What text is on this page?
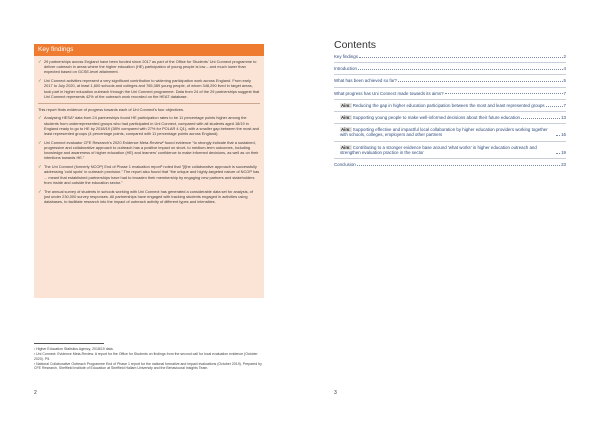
Key findings
✓ 29 partnerships across England have been funded since 2017 as part of the Office for Students' Uni Connect programme to deliver outreach in areas where the higher education (HE) participation of young people is low – and much lower than expected based on GCSE-level attainment.
✓ Uni Connect activities represent a very significant contribution to widening participation work across England. From early 2017 to July 2020, at least 1,600 schools and colleges and 765,389 young people, of whom 348,290 lived in target areas, took part in higher education outreach through the Uni Connect programme. Data from 24 of the 29 partnerships suggest that Uni Connect represents 42% of the outreach work recorded on the HEAT database.
This report finds evidence of progress towards each of Uni Connect's four objectives.
✓ Analysing HESA¹ data from 24 partnerships found HE participation rates to be 11 percentage points higher among the students from underrepresented groups who had participated in Uni Connect, compared with all students aged 18/19 in England ready to go to HE by 2018/19 (38% compared with 27% for POLAR 4 Q1), with a smaller gap between the most and least represented groups (4 percentage points, compared with 11 percentage points across England).
✓ Uni Connect evaluator CFE Research's 2020 Evidence Meta-Review² found evidence "to strongly indicate that a sustained, progressive and collaborative approach to outreach has a positive impact on short- to medium-term outcomes, including knowledge and awareness of higher education (HE) and learners' confidence to make informed decisions, as well as on their intentions towards HE."
✓ The Uni Connect (formerly NCOP) End of Phase 1 evaluation report³ noted that "[t]he collaborative approach is successfully addressing 'cold spots' in outreach provision." The report also found that "the unique and highly-targeted nature of NCOP has ... meant that established partnerships have had to broaden their membership by engaging new partners and stakeholders from inside and outside the education sector."
✓ The annual survey of students in schools working with Uni Connect has generated a considerable data set for analysis, of just under 230,000 survey responses. All partnerships have engaged with tracking students engaged in activities using databases, to facilitate research into the impact of outreach activity of different types and intensities.
¹ Higher Education Statistics Agency, 2018/19 data.
² Uni Connect: Evidence Meta-Review. A report for the Office for Students on findings from the second call for local evaluation evidence (October 2020). P5.
³ National Collaborative Outreach Programme End of Phase 1 report for the national formative and impact evaluations (October 2019). Prepared by CFE Research, Sheffield Institute of Education at Sheffield Hallam University and the Behavioural Insights Team.
2
Contents
Key findings	2
Introduction	4
What has been achieved so far?	5
What progress has Uni Connect made towards its aims?	7
Aim: Reducing the gap in higher education participation between the most and least represented groups	7
Aim: Supporting young people to make well-informed decisions about their future education	13
Aim: Supporting effective and impactful local collaboration by higher education providers working together with schools, colleges, employers and other partners	16
Aim: Contributing to a stronger evidence base around 'what works' in higher education outreach and strengthen evaluation practice in the sector	19
Conclusion	23
3
